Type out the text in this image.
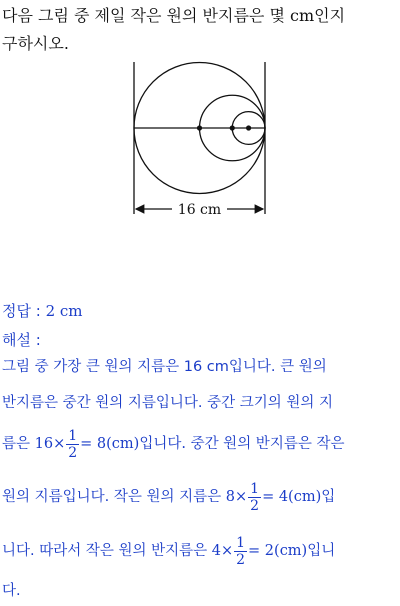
다음 그림 중 제일 작은 원의 반지름은 몇 cm인지
구하시오.
16 cm
정답 : 2 cm
해설 :
그림 중 가장 큰 원의 지름은 16 cm입니다. 큰 원의
반지름은 중간 원의 지름입니다. 중간 크기의 원의 지
름은 $16\times \frac{1}{2} = 8(cm)$입니다. 중간 원의 반지름은 작은
원의 지름입니다. 작은 원의 지름은 $8\times \frac{1}{2} = 4(cm)$입
니다. 따라서 작은 원의 반지름은 $4\times \frac{1}{2} = 2(cm)$입니
다.
